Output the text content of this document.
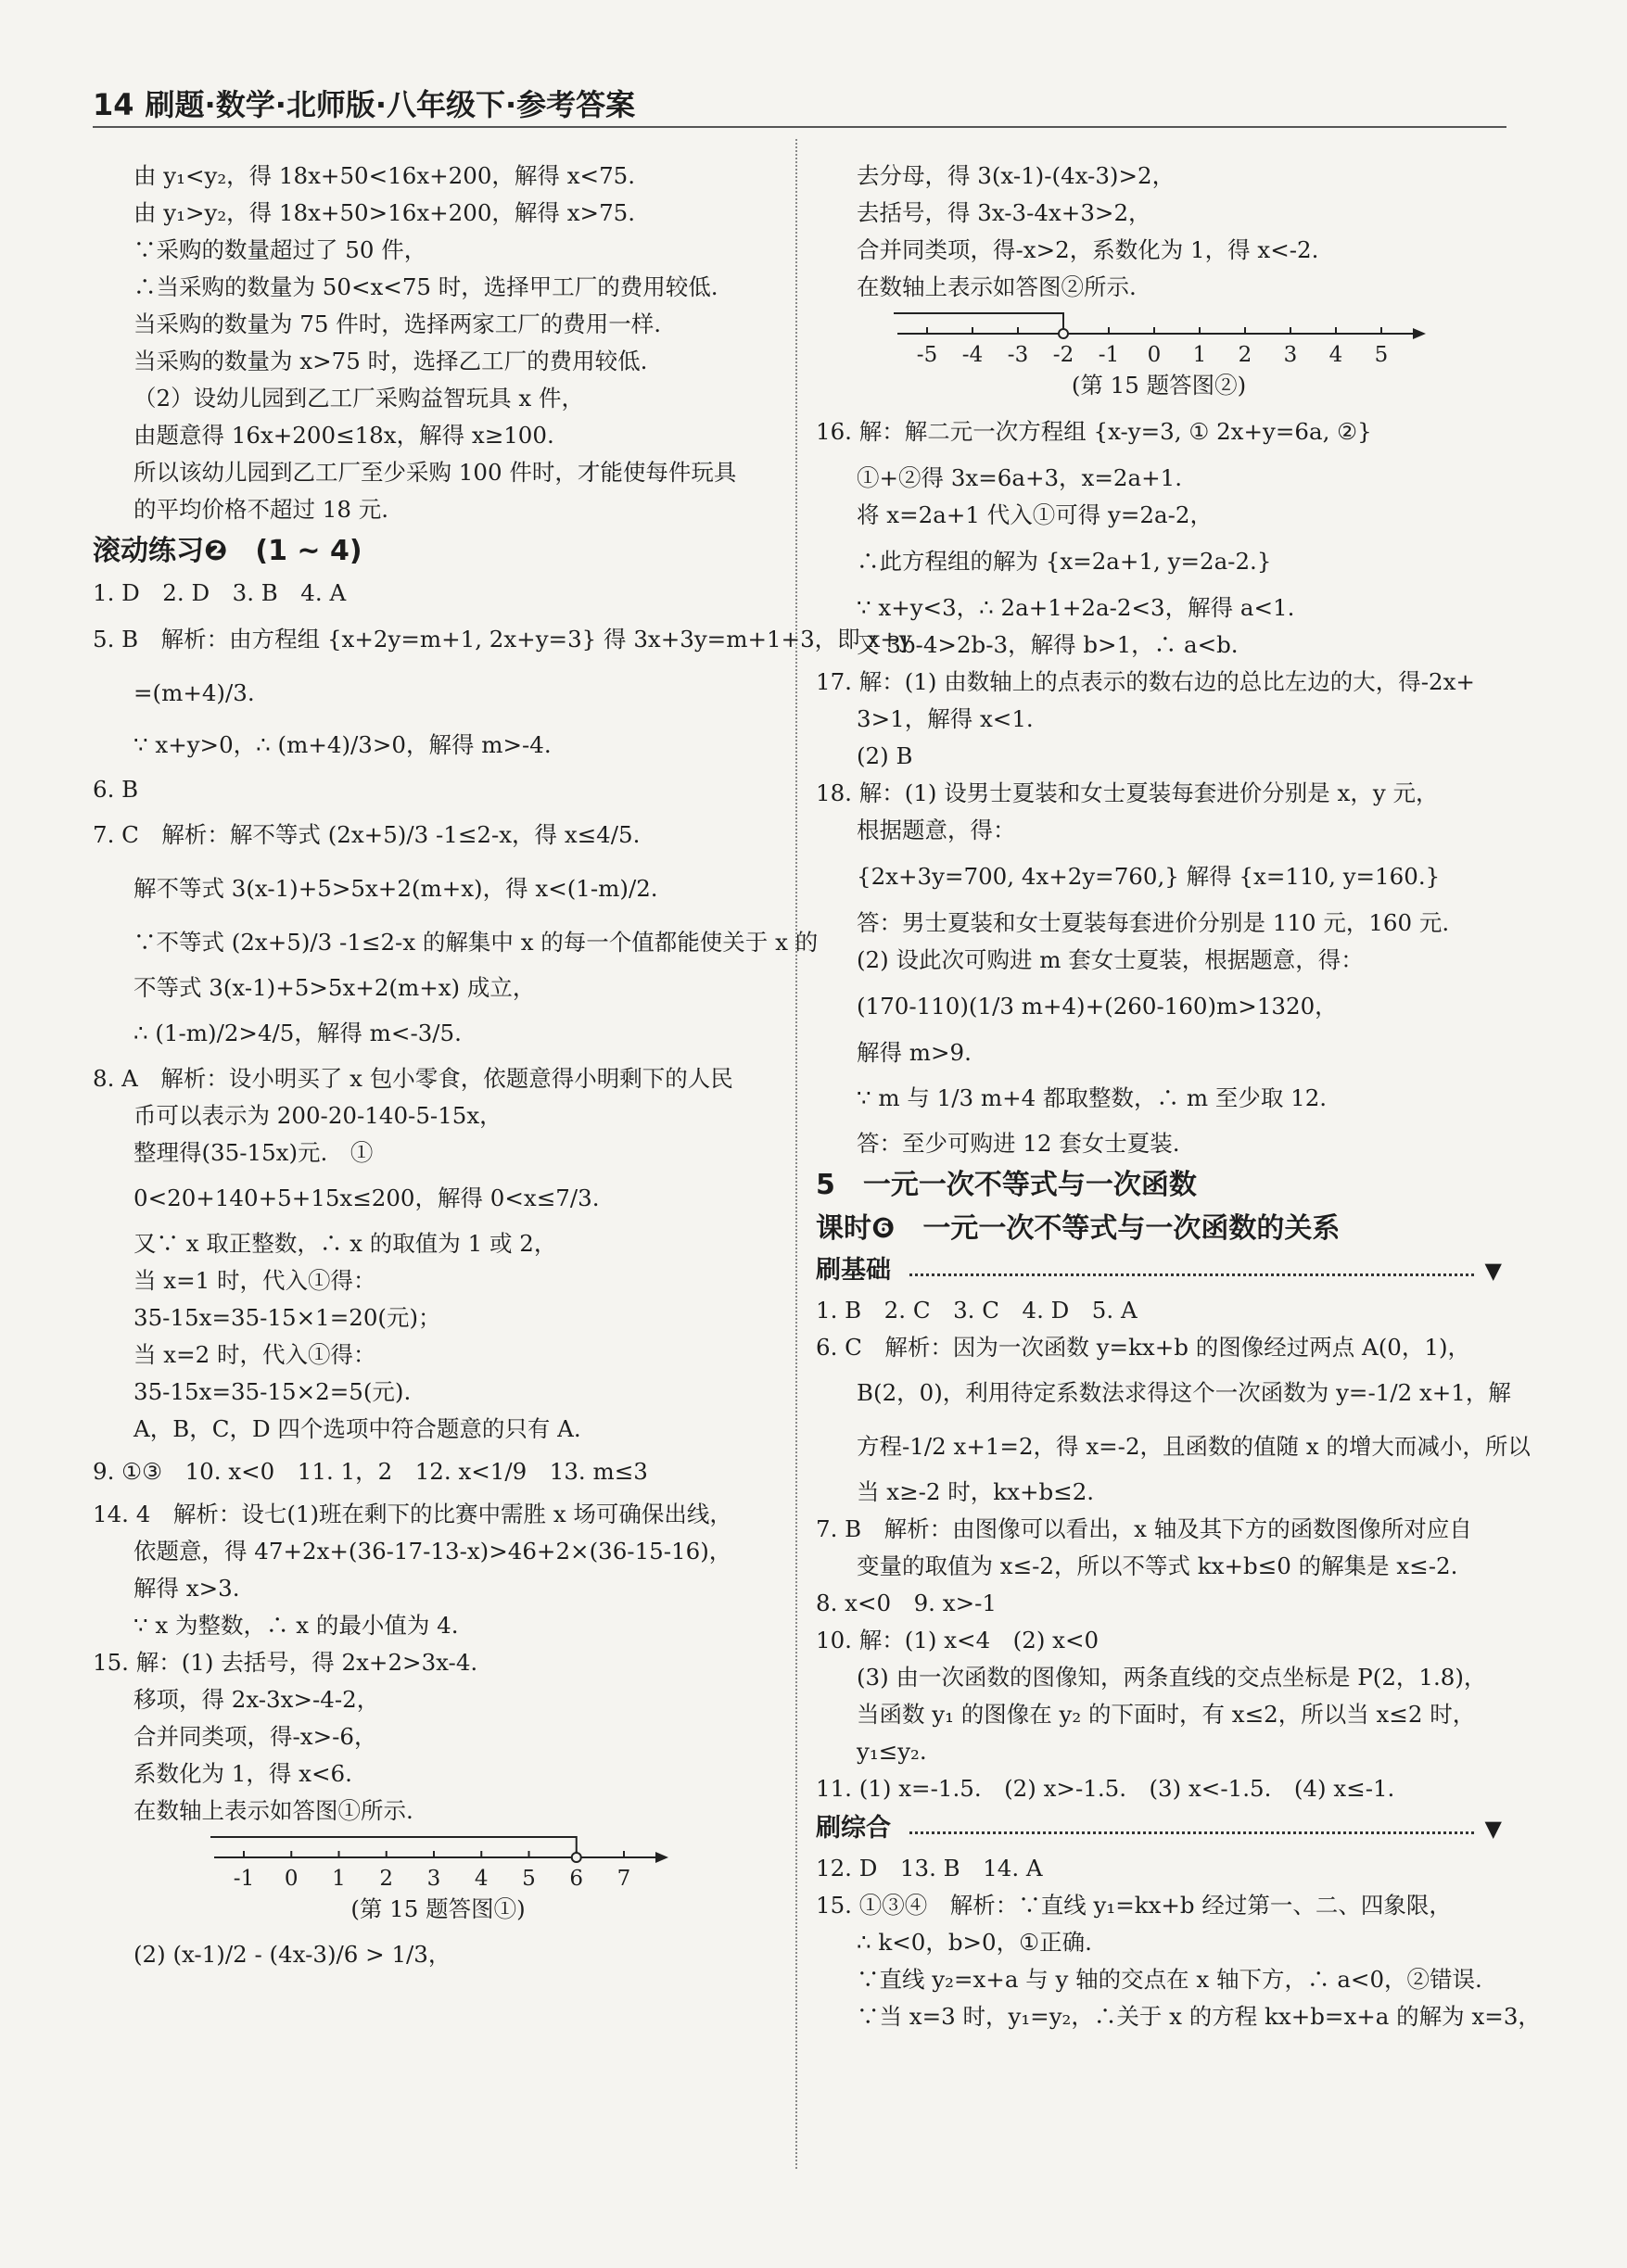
14 刷题·数学·北师版·八年级下·参考答案
由 y₁<y₂，得 18x+50<16x+200，解得 x<75.
由 y₁>y₂，得 18x+50>16x+200，解得 x>75.
∵采购的数量超过了 50 件，
∴当采购的数量为 50<x<75 时，选择甲工厂的费用较低.
当采购的数量为 75 件时，选择两家工厂的费用一样.
当采购的数量为 x>75 时，选择乙工厂的费用较低.
（2）设幼儿园到乙工厂采购益智玩具 x 件，
由题意得 16x+200≤18x，解得 x≥100.
所以该幼儿园到乙工厂至少采购 100 件时，才能使每件玩具
的平均价格不超过 18 元.
滚动练习❷　(1 ~ 4)
1. D　2. D　3. B　4. A
5. B　解析：由方程组 {x+2y=m+1, 2x+y=3} 得 3x+3y=m+1+3，即 x+y
=(m+4)/3.
∵ x+y>0，∴ (m+4)/3>0，解得 m>-4.
6. B
7. C　解析：解不等式 (2x+5)/3 -1≤2-x，得 x≤4/5.
解不等式 3(x-1)+5>5x+2(m+x)，得 x<(1-m)/2.
∵不等式 (2x+5)/3 -1≤2-x 的解集中 x 的每一个值都能使关于 x 的
不等式 3(x-1)+5>5x+2(m+x) 成立，
∴ (1-m)/2>4/5，解得 m<-3/5.
8. A　解析：设小明买了 x 包小零食，依题意得小明剩下的人民
币可以表示为 200-20-140-5-15x，
整理得(35-15x)元.　①
0<20+140+5+15x≤200，解得 0<x≤7/3.
又∵ x 取正整数，∴ x 的取值为 1 或 2，
当 x=1 时，代入①得：
35-15x=35-15×1=20(元)；
当 x=2 时，代入①得：
35-15x=35-15×2=5(元).
A，B，C，D 四个选项中符合题意的只有 A.
9. ①③　10. x<0　11. 1，2　12. x<1/9　13. m≤3
14. 4　解析：设七(1)班在剩下的比赛中需胜 x 场可确保出线，
依题意，得 47+2x+(36-17-13-x)>46+2×(36-15-16)，
解得 x>3.
∵ x 为整数，∴ x 的最小值为 4.
15. 解：(1) 去括号，得 2x+2>3x-4.
移项，得 2x-3x>-4-2，
合并同类项，得-x>-6，
系数化为 1，得 x<6.
在数轴上表示如答图①所示.
-1 0 1 2 3 4 5 6 7
(第 15 题答图①)
(2) (x-1)/2 - (4x-3)/6 > 1/3，
去分母，得 3(x-1)-(4x-3)>2，
去括号，得 3x-3-4x+3>2，
合并同类项，得-x>2，系数化为 1，得 x<-2.
在数轴上表示如答图②所示.
-5 -4 -3 -2 -1 0 1 2 3 4 5
(第 15 题答图②)
16. 解：解二元一次方程组 {x-y=3, ① 2x+y=6a, ②}
①+②得 3x=6a+3，x=2a+1.
将 x=2a+1 代入①可得 y=2a-2，
∴此方程组的解为 {x=2a+1, y=2a-2.}
∵ x+y<3，∴ 2a+1+2a-2<3，解得 a<1.
又 3b-4>2b-3，解得 b>1，∴ a<b.
17. 解：(1) 由数轴上的点表示的数右边的总比左边的大，得-2x+
3>1，解得 x<1.
(2) B
18. 解：(1) 设男士夏装和女士夏装每套进价分别是 x，y 元，
根据题意，得：
{2x+3y=700, 4x+2y=760,} 解得 {x=110, y=160.}
答：男士夏装和女士夏装每套进价分别是 110 元，160 元.
(2) 设此次可购进 m 套女士夏装，根据题意，得：
(170-110)(1/3 m+4)+(260-160)m>1320，
解得 m>9.
∵ m 与 1/3 m+4 都取整数，∴ m 至少取 12.
答：至少可购进 12 套女士夏装.
5　一元一次不等式与一次函数
课时❻　一元一次不等式与一次函数的关系
刷基础	▼
1. B　2. C　3. C　4. D　5. A
6. C　解析：因为一次函数 y=kx+b 的图像经过两点 A(0，1)，
B(2，0)，利用待定系数法求得这个一次函数为 y=-1/2 x+1，解
方程-1/2 x+1=2，得 x=-2，且函数的值随 x 的增大而减小，所以
当 x≥-2 时，kx+b≤2.
7. B　解析：由图像可以看出，x 轴及其下方的函数图像所对应自
变量的取值为 x≤-2，所以不等式 kx+b≤0 的解集是 x≤-2.
8. x<0　9. x>-1
10. 解：(1) x<4　(2) x<0
(3) 由一次函数的图像知，两条直线的交点坐标是 P(2，1.8)，
当函数 y₁ 的图像在 y₂ 的下面时，有 x≤2，所以当 x≤2 时，
y₁≤y₂.
11. (1) x=-1.5.　(2) x>-1.5.　(3) x<-1.5.　(4) x≤-1.
刷综合	▼
12. D　13. B　14. A
15. ①③④　解析：∵直线 y₁=kx+b 经过第一、二、四象限，
∴ k<0，b>0，①正确.
∵直线 y₂=x+a 与 y 轴的交点在 x 轴下方，∴ a<0，②错误.
∵当 x=3 时，y₁=y₂，∴关于 x 的方程 kx+b=x+a 的解为 x=3，
